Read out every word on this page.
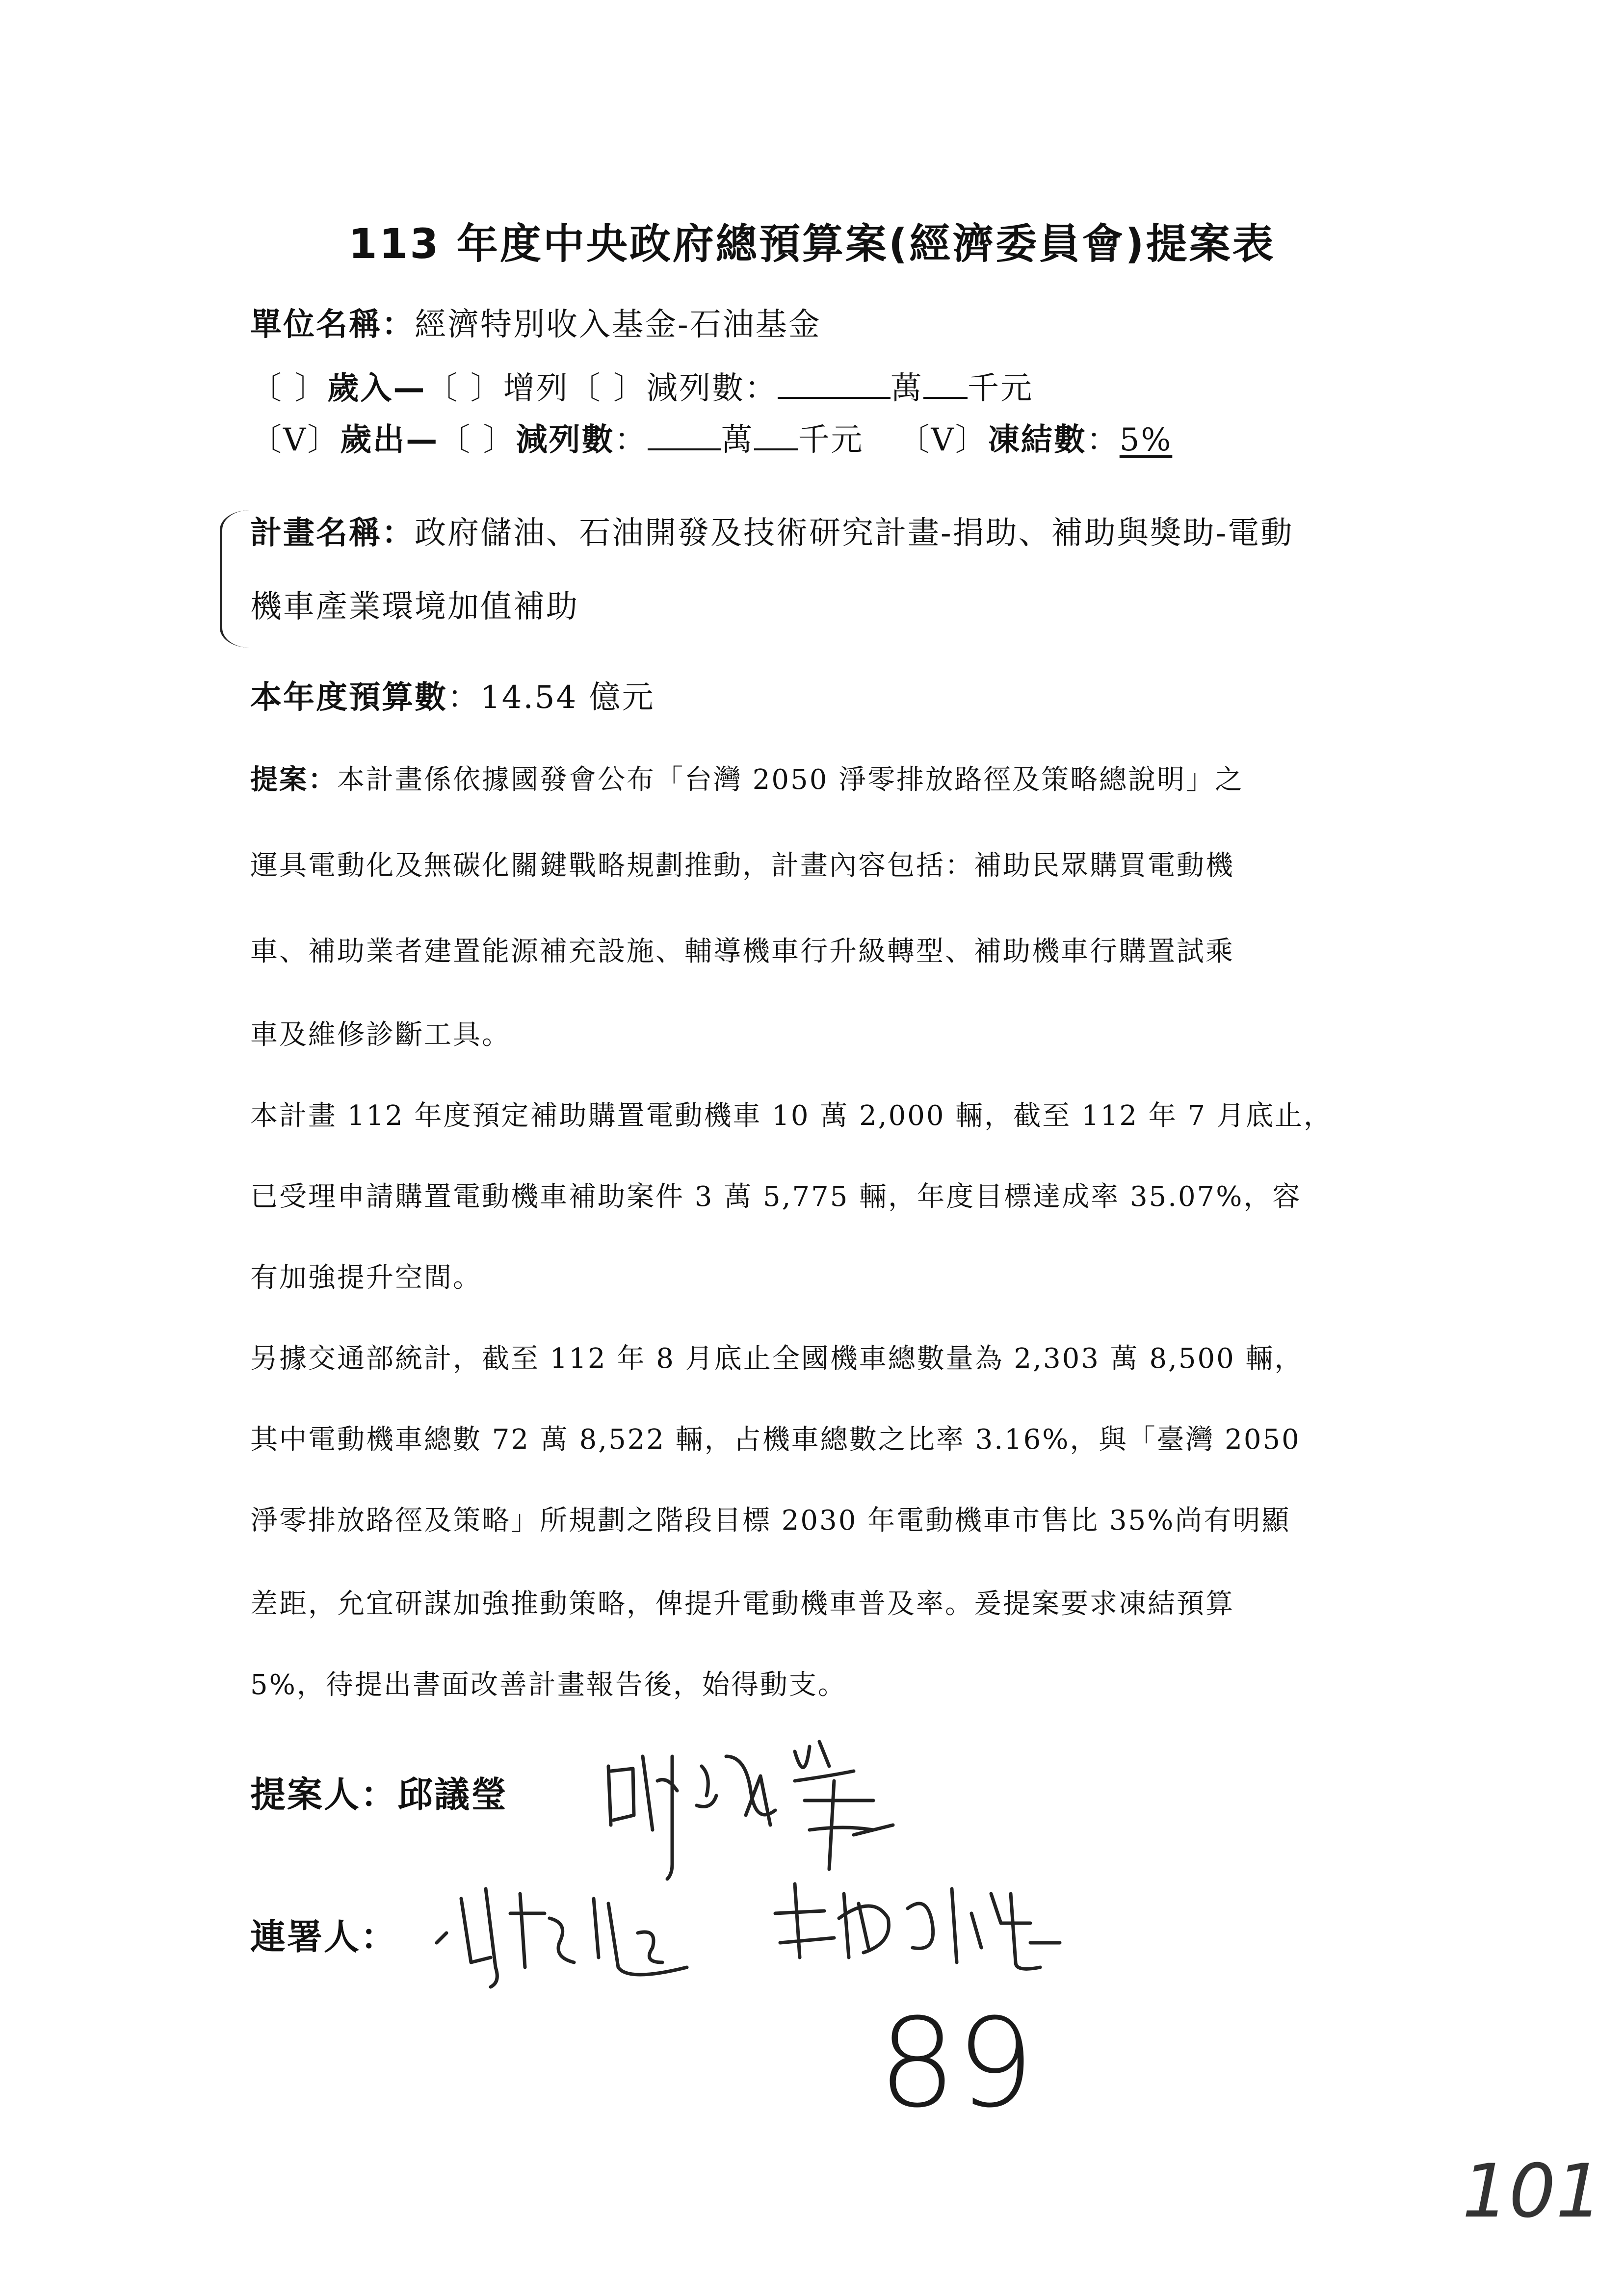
113 年度中央政府總預算案(經濟委員會)提案表
單位名稱：經濟特別收入基金-石油基金
〔 〕歲入—〔 〕增列〔 〕減列數：	萬 千元
〔V〕歲出—〔 〕減列數： 萬 千元 〔V〕凍結數：5%
計畫名稱：政府儲油、石油開發及技術研究計畫-捐助、補助與獎助-電動
機車產業環境加值補助
本年度預算數：14.54 億元
提案：本計畫係依據國發會公布「台灣 2050 淨零排放路徑及策略總說明」之
運具電動化及無碳化關鍵戰略規劃推動，計畫內容包括：補助民眾購買電動機
車、補助業者建置能源補充設施、輔導機車行升級轉型、補助機車行購置試乘
車及維修診斷工具。
本計畫 112 年度預定補助購置電動機車 10 萬 2,000 輛，截至 112 年 7 月底止，
已受理申請購置電動機車補助案件 3 萬 5,775 輛，年度目標達成率 35.07%，容
有加強提升空間。
另據交通部統計，截至 112 年 8 月底止全國機車總數量為 2,303 萬 8,500 輛，
其中電動機車總數 72 萬 8,522 輛，占機車總數之比率 3.16%，與「臺灣 2050
淨零排放路徑及策略」所規劃之階段目標 2030 年電動機車市售比 35%尚有明顯
差距，允宜研謀加強推動策略，俾提升電動機車普及率。爰提案要求凍結預算
5%，待提出書面改善計畫報告後，始得動支。
提案人：邱議瑩
連署人：
89
101
